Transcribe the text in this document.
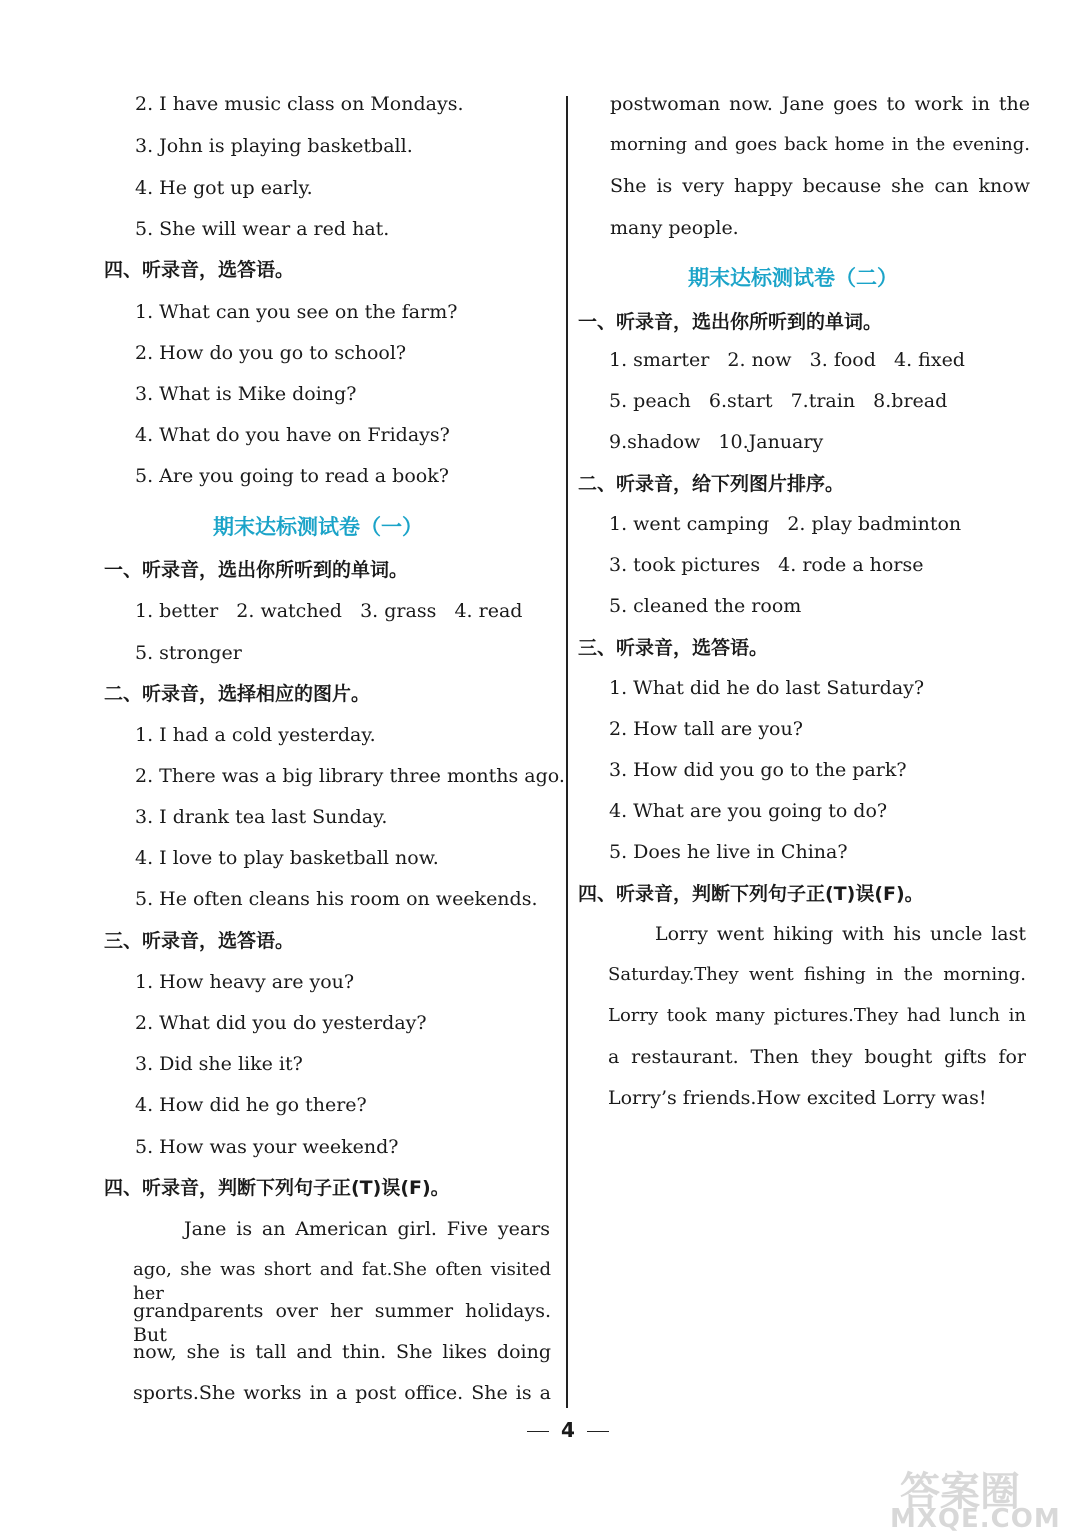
2. I have music class on Mondays.
3. John is playing basketball.
4. He got up early.
5. She will wear a red hat.
四、听录音，选答语。
1. What can you see on the farm?
2. How do you go to school?
3. What is Mike doing?
4. What do you have on Fridays?
5. Are you going to read a book?
期末达标测试卷（一）
一、听录音，选出你所听到的单词。
1. better   2. watched   3. grass   4. read
5. stronger
二、听录音，选择相应的图片。
1. I had a cold yesterday.
2. There was a big library three months ago.
3. I drank tea last Sunday.
4. I love to play basketball now.
5. He often cleans his room on weekends.
三、听录音，选答语。
1. How heavy are you?
2. What did you do yesterday?
3. Did she like it?
4. How did he go there?
5. How was your weekend?
四、听录音，判断下列句子正(T)误(F)。
Jane is an American girl. Five years
ago, she was short and fat.She often visited her
grandparents over her summer holidays. But
now, she is tall and thin. She likes doing
sports.She works in a post office. She is a
postwoman now. Jane goes to work in the
morning and goes back home in the evening.
She is very happy because she can know
many people.
期末达标测试卷（二）
一、听录音，选出你所听到的单词。
1. smarter   2. now   3. food   4. fixed
5. peach   6.start   7.train   8.bread
9.shadow   10.January
二、听录音，给下列图片排序。
1. went camping   2. play badminton
3. took pictures   4. rode a horse
5. cleaned the room
三、听录音，选答语。
1. What did he do last Saturday?
2. How tall are you?
3. How did you go to the park?
4. What are you going to do?
5. Does he live in China?
四、听录音，判断下列句子正(T)误(F)。
Lorry went hiking with his uncle last
Saturday.They went fishing in the morning.
Lorry took many pictures.They had lunch in
a restaurant. Then they bought gifts for
Lorry’s friends.How excited Lorry was!
4
答案圈
MXQE.COM
